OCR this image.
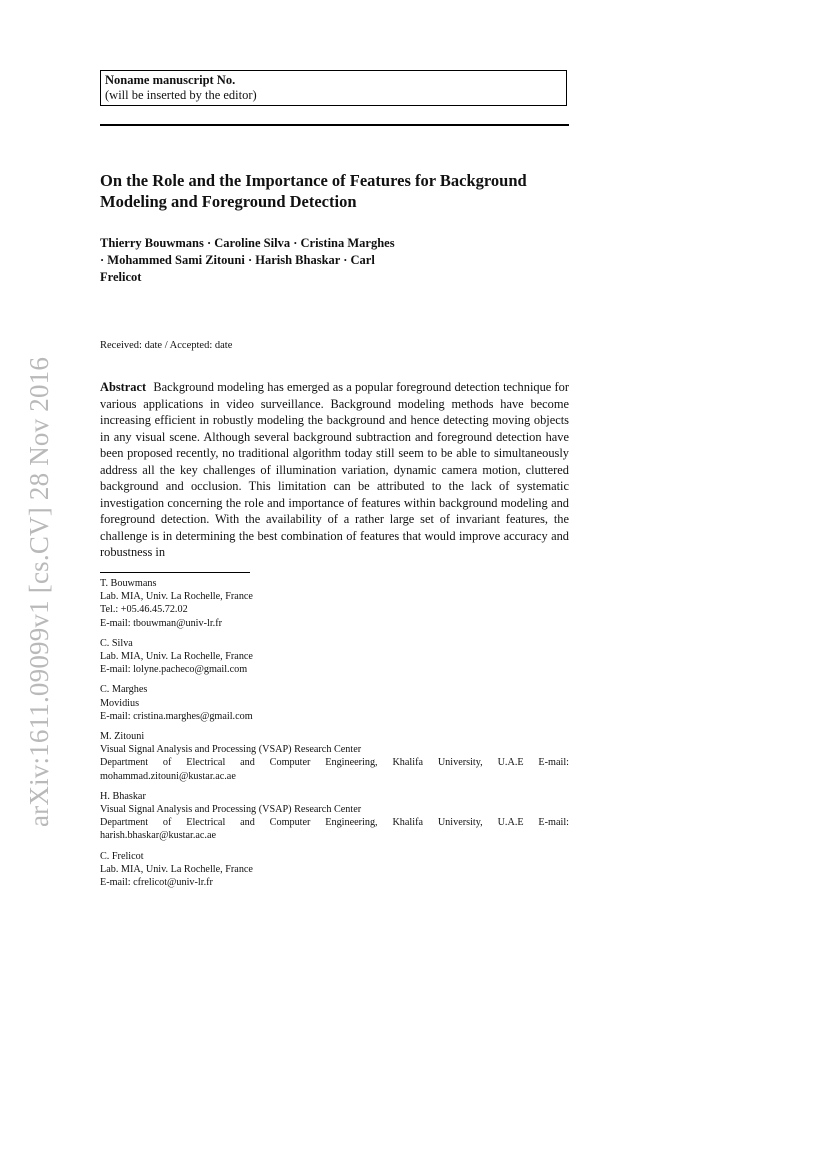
Noname manuscript No.
(will be inserted by the editor)
On the Role and the Importance of Features for Background Modeling and Foreground Detection
Thierry Bouwmans · Caroline Silva · Cristina Marghes · Mohammed Sami Zitouni · Harish Bhaskar · Carl Frelicot
Received: date / Accepted: date
Abstract Background modeling has emerged as a popular foreground detection technique for various applications in video surveillance. Background modeling methods have become increasing efficient in robustly modeling the background and hence detecting moving objects in any visual scene. Although several background subtraction and foreground detection have been proposed recently, no traditional algorithm today still seem to be able to simultaneously address all the key challenges of illumination variation, dynamic camera motion, cluttered background and occlusion. This limitation can be attributed to the lack of systematic investigation concerning the role and importance of features within background modeling and foreground detection. With the availability of a rather large set of invariant features, the challenge is in determining the best combination of features that would improve accuracy and robustness in
T. Bouwmans
Lab. MIA, Univ. La Rochelle, France
Tel.: +05.46.45.72.02
E-mail: tbouwman@univ-lr.fr
C. Silva
Lab. MIA, Univ. La Rochelle, France
E-mail: lolyne.pacheco@gmail.com
C. Marghes
Movidius
E-mail: cristina.marghes@gmail.com
M. Zitouni
Visual Signal Analysis and Processing (VSAP) Research Center
Department of Electrical and Computer Engineering, Khalifa University, U.A.E E-mail: mohammad.zitouni@kustar.ac.ae
H. Bhaskar
Visual Signal Analysis and Processing (VSAP) Research Center
Department of Electrical and Computer Engineering, Khalifa University, U.A.E E-mail: harish.bhaskar@kustar.ac.ae
C. Frelicot
Lab. MIA, Univ. La Rochelle, France
E-mail: cfrelicot@univ-lr.fr
arXiv:1611.09099v1 [cs.CV] 28 Nov 2016
